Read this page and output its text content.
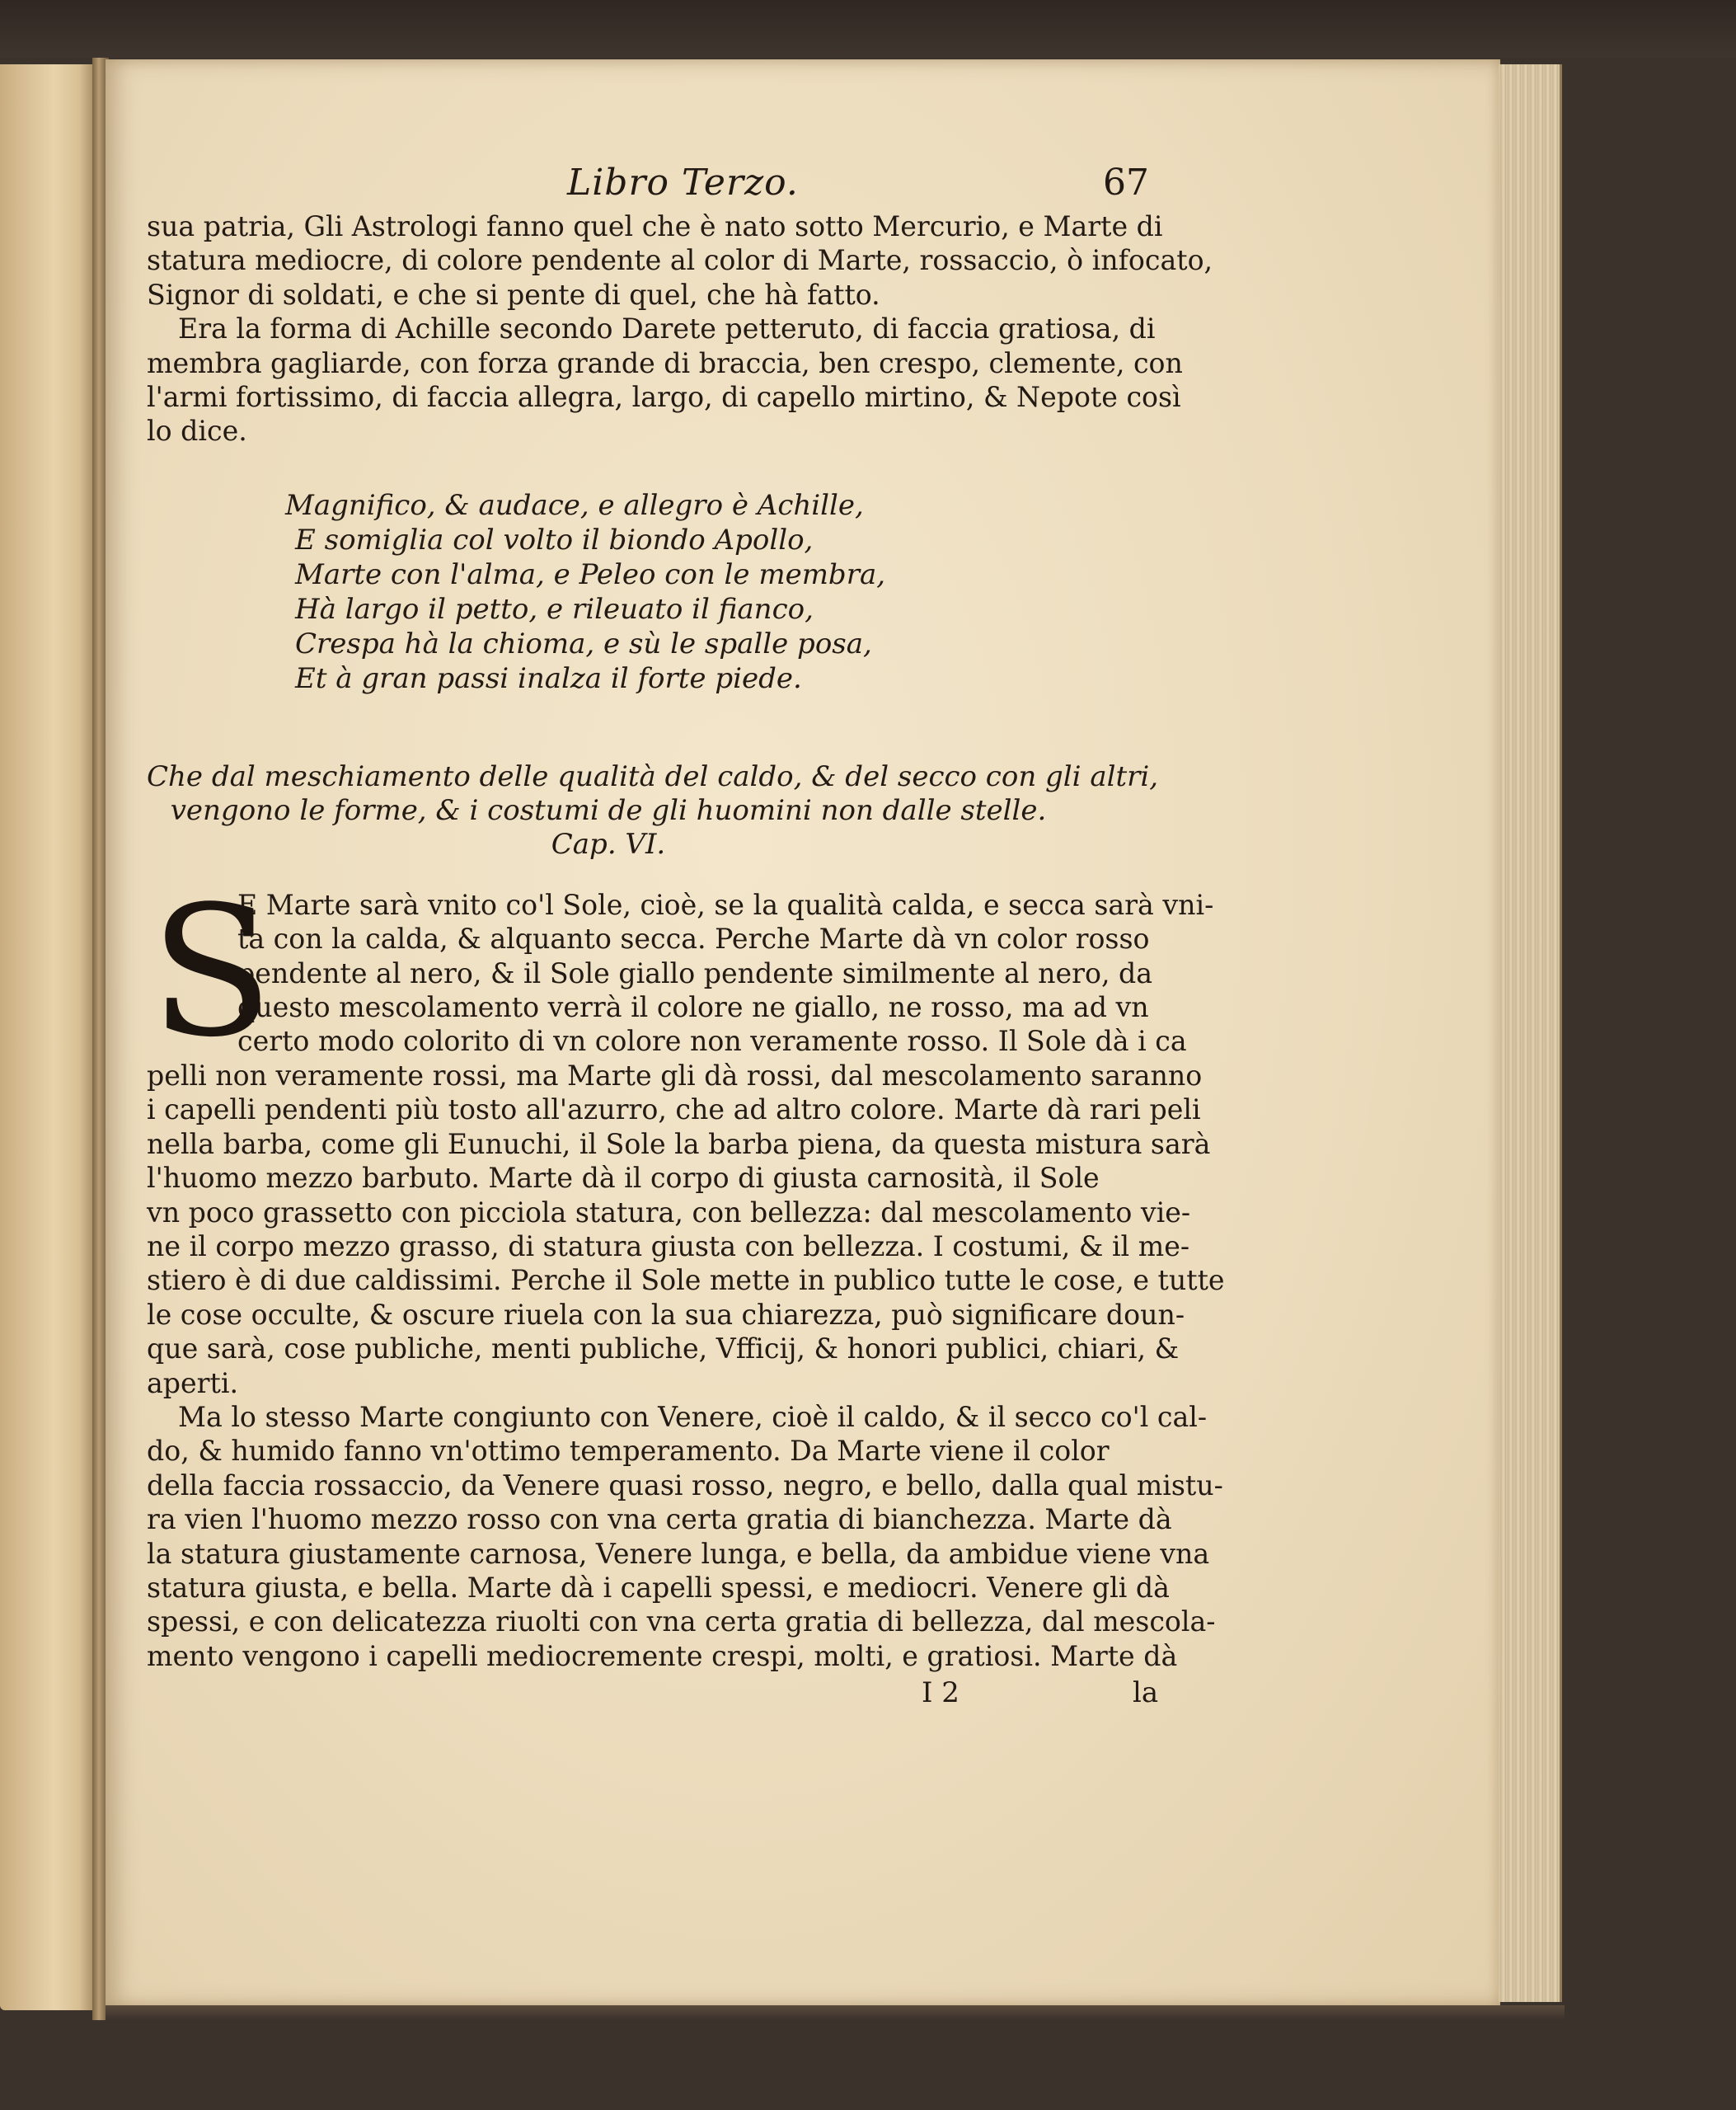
Libro Terzo.	67

sua patria, Gli Astrologi fanno quel che è nato sotto Mercurio, e Marte di
statura mediocre, di colore pendente al color di Marte, rossaccio, ò infocato,
Signor di soldati, e che si pente di quel, che hà fatto.

Era la forma di Achille secondo Darete petteruto, di faccia gratiosa, di
membra gagliarde, con forza grande di braccia, ben crespo, clemente, con
l'armi fortissimo, di faccia allegra, largo, di capello mirtino, & Nepote così
lo dice.

Magnifico, & audace, e allegro è Achille,
E somiglia col volto il biondo Apollo,
Marte con l'alma, e Peleo con le membra,
Hà largo il petto, e rileuato il fianco,
Crespa hà la chioma, e sù le spalle posa,
Et à gran passi inalza il forte piede.
Che dal meschiamento delle qualità del caldo, & del secco con gli altri,
vengono le forme, & i costumi de gli huomini non dalle stelle.
Cap. VI.
S

E Marte sarà vnito co'l Sole, cioè, se la qualità calda, e secca sarà vni-
ta con la calda, & alquanto secca. Perche Marte dà vn color rosso
pendente al nero, & il Sole giallo pendente similmente al nero, da
questo mescolamento verrà il colore ne giallo, ne rosso, ma ad vn
certo modo colorito di vn colore non veramente rosso. Il Sole dà i ca

pelli non veramente rossi, ma Marte gli dà rossi, dal mescolamento saranno
i capelli pendenti più tosto all'azurro, che ad altro colore. Marte dà rari peli
nella barba, come gli Eunuchi, il Sole la barba piena, da questa mistura sarà
l'huomo mezzo barbuto. Marte dà il corpo di giusta carnosità, il Sole
vn poco grassetto con picciola statura, con bellezza: dal mescolamento vie-
ne il corpo mezzo grasso, di statura giusta con bellezza. I costumi, & il me-
stiero è di due caldissimi. Perche il Sole mette in publico tutte le cose, e tutte
le cose occulte, & oscure riuela con la sua chiarezza, può significare doun-
que sarà, cose publiche, menti publiche, Vfficij, & honori publici, chiari, &
aperti.

Ma lo stesso Marte congiunto con Venere, cioè il caldo, & il secco co'l cal-
do, & humido fanno vn'ottimo temperamento. Da Marte viene il color
della faccia rossaccio, da Venere quasi rosso, negro, e bello, dalla qual mistu-
ra vien l'huomo mezzo rosso con vna certa gratia di bianchezza. Marte dà
la statura giustamente carnosa, Venere lunga, e bella, da ambidue viene vna
statura giusta, e bella. Marte dà i capelli spessi, e mediocri. Venere gli dà
spessi, e con delicatezza riuolti con vna certa gratia di bellezza, dal mescola-
mento vengono i capelli mediocremente crespi, molti, e gratiosi. Marte dà

I 2	la
